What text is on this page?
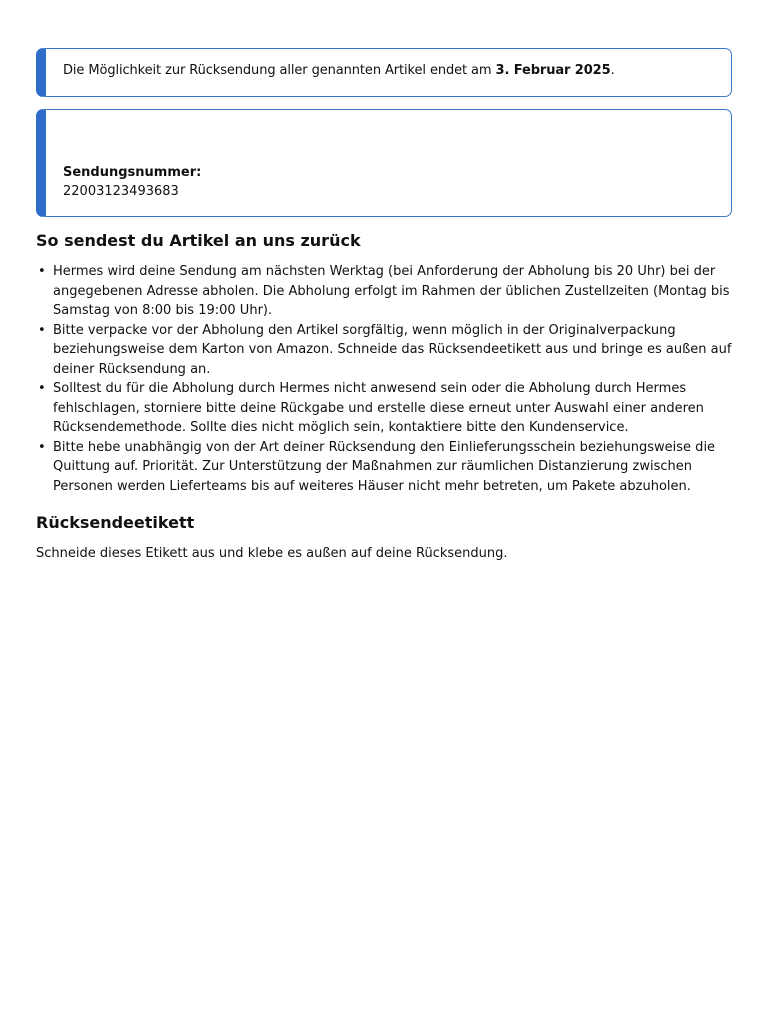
Die Möglichkeit zur Rücksendung aller genannten Artikel endet am 3. Februar 2025.
Sendungsnummer:
22003123493683
So sendest du Artikel an uns zurück
• Hermes wird deine Sendung am nächsten Werktag (bei Anforderung der Abholung bis 20 Uhr) bei der angegebenen Adresse abholen. Die Abholung erfolgt im Rahmen der üblichen Zustellzeiten (Montag bis Samstag von 8:00 bis 19:00 Uhr).
• Bitte verpacke vor der Abholung den Artikel sorgfältig, wenn möglich in der Originalverpackung beziehungsweise dem Karton von Amazon. Schneide das Rücksendeetikett aus und bringe es außen auf deiner Rücksendung an.
• Solltest du für die Abholung durch Hermes nicht anwesend sein oder die Abholung durch Hermes fehlschlagen, storniere bitte deine Rückgabe und erstelle diese erneut unter Auswahl einer anderen Rücksendemethode. Sollte dies nicht möglich sein, kontaktiere bitte den Kundenservice.
• Bitte hebe unabhängig von der Art deiner Rücksendung den Einlieferungsschein beziehungsweise die Quittung auf. Priorität. Zur Unterstützung der Maßnahmen zur räumlichen Distanzierung zwischen Personen werden Lieferteams bis auf weiteres Häuser nicht mehr betreten, um Pakete abzuholen.
Rücksendeetikett
Schneide dieses Etikett aus und klebe es außen auf deine Rücksendung.
